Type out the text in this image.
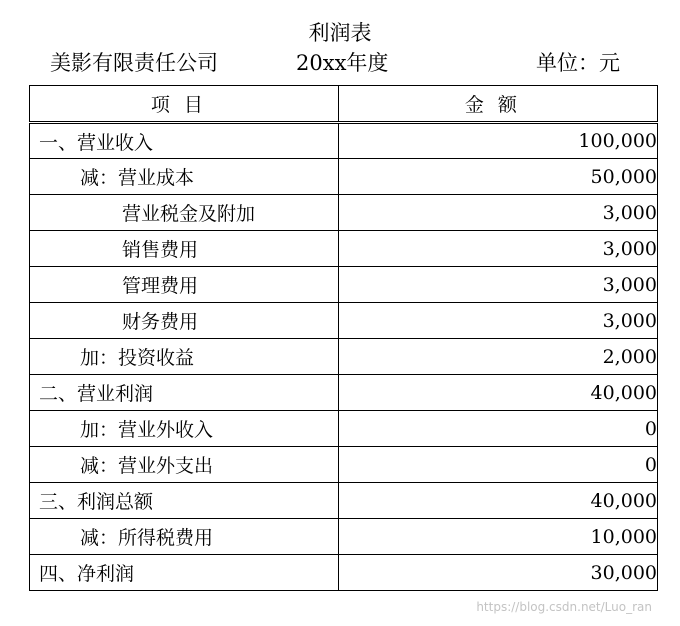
利润表
美影有限责任公司	20xx年度	单位：元
项目	金额
一、营业收入	100,000
减：营业成本	50,000
营业税金及附加	3,000
销售费用	3,000
管理费用	3,000
财务费用	3,000
加：投资收益	2,000
二、营业利润	40,000
加：营业外收入	0
减：营业外支出	0
三、利润总额	40,000
减：所得税费用	10,000
四、净利润	30,000
https://blog.csdn.net/Luo_ran
